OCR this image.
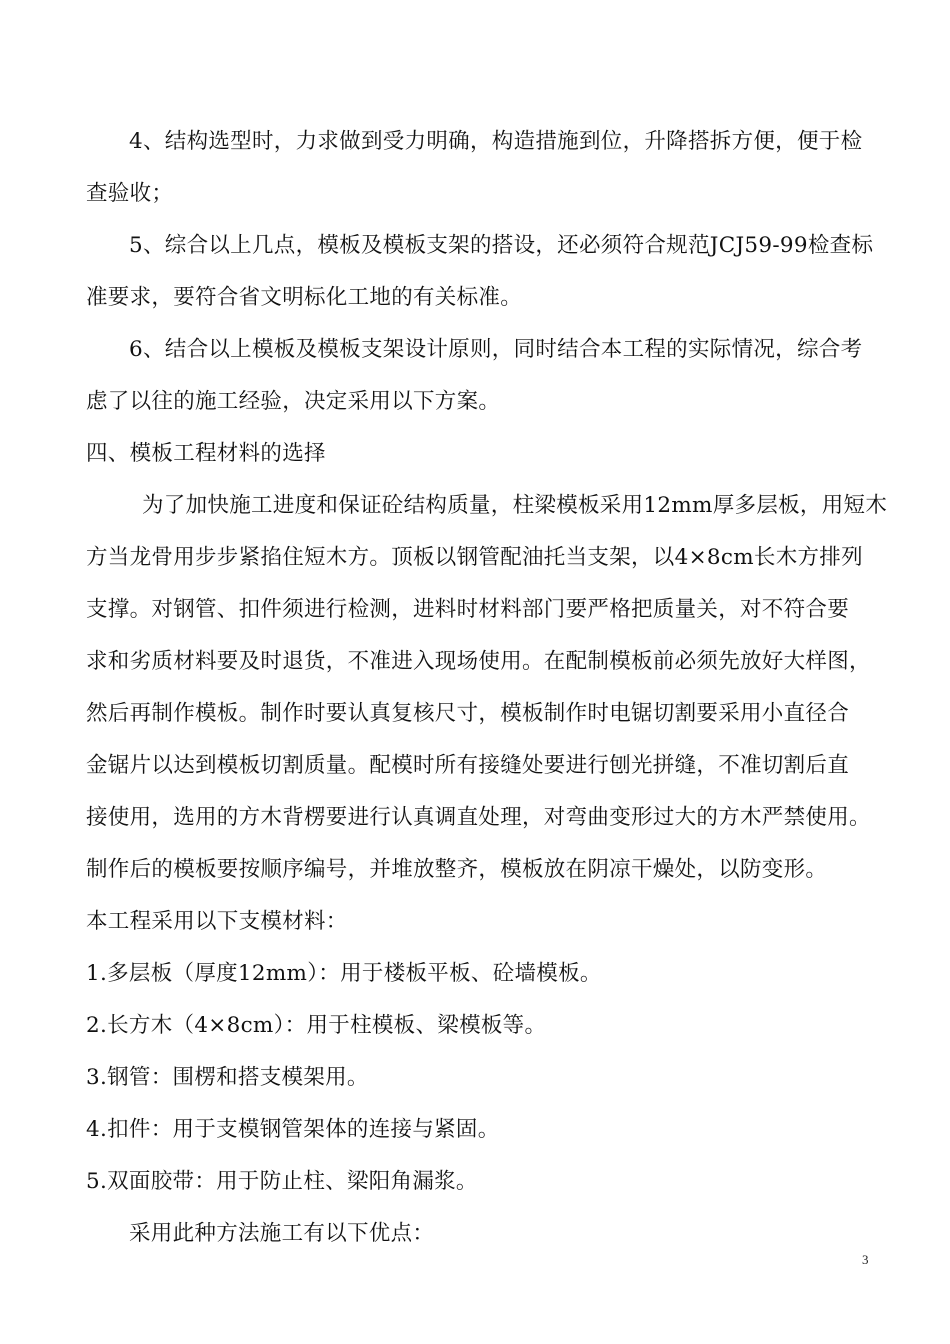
4、结构选型时，力求做到受力明确，构造措施到位，升降搭拆方便，便于检
查验收；
5、综合以上几点，模板及模板支架的搭设，还必须符合规范JCJ59-99检查标
准要求，要符合省文明标化工地的有关标准。
6、结合以上模板及模板支架设计原则，同时结合本工程的实际情况，综合考
虑了以往的施工经验，决定采用以下方案。
四、模板工程材料的选择
为了加快施工进度和保证砼结构质量，柱梁模板采用12mm厚多层板，用短木
方当龙骨用步步紧掐住短木方。顶板以钢管配油托当支架，以4×8cm长木方排列
支撑。对钢管、扣件须进行检测，进料时材料部门要严格把质量关，对不符合要
求和劣质材料要及时退货，不准进入现场使用。在配制模板前必须先放好大样图，
然后再制作模板。制作时要认真复核尺寸，模板制作时电锯切割要采用小直径合
金锯片以达到模板切割质量。配模时所有接缝处要进行刨光拼缝，不准切割后直
接使用，选用的方木背楞要进行认真调直处理，对弯曲变形过大的方木严禁使用。
制作后的模板要按顺序编号，并堆放整齐，模板放在阴凉干燥处，以防变形。
本工程采用以下支模材料：
1.多层板（厚度12mm）：用于楼板平板、砼墙模板。
2.长方木（4×8cm）：用于柱模板、梁模板等。
3.钢管：围楞和搭支模架用。
4.扣件：用于支模钢管架体的连接与紧固。
5.双面胶带：用于防止柱、梁阳角漏浆。
采用此种方法施工有以下优点：
3
